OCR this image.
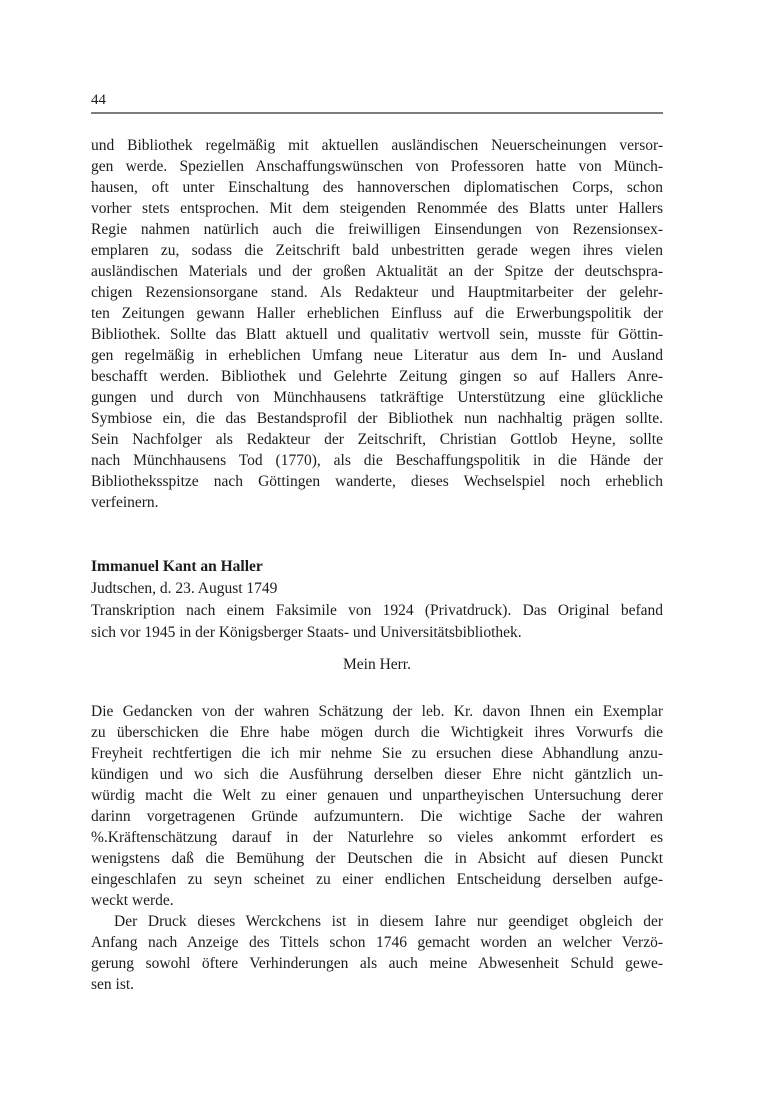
44
und Bibliothek regelmäßig mit aktuellen ausländischen Neuerscheinungen versor-
gen werde. Speziellen Anschaffungswünschen von Professoren hatte von Münch-
hausen, oft unter Einschaltung des hannoverschen diplomatischen Corps, schon
vorher stets entsprochen. Mit dem steigenden Renommée des Blatts unter Hallers
Regie nahmen natürlich auch die freiwilligen Einsendungen von Rezensionsex-
emplaren zu, sodass die Zeitschrift bald unbestritten gerade wegen ihres vielen
ausländischen Materials und der großen Aktualität an der Spitze der deutschspra-
chigen Rezensionsorgane stand. Als Redakteur und Hauptmitarbeiter der gelehr-
ten Zeitungen gewann Haller erheblichen Einfluss auf die Erwerbungspolitik der
Bibliothek. Sollte das Blatt aktuell und qualitativ wertvoll sein, musste für Göttin-
gen regelmäßig in erheblichen Umfang neue Literatur aus dem In- und Ausland
beschafft werden. Bibliothek und Gelehrte Zeitung gingen so auf Hallers Anre-
gungen und durch von Münchhausens tatkräftige Unterstützung eine glückliche
Symbiose ein, die das Bestandsprofil der Bibliothek nun nachhaltig prägen sollte.
Sein Nachfolger als Redakteur der Zeitschrift, Christian Gottlob Heyne, sollte
nach Münchhausens Tod (1770), als die Beschaffungspolitik in die Hände der
Bibliotheksspitze nach Göttingen wanderte, dieses Wechselspiel noch erheblich
verfeinern.
Immanuel Kant an Haller
Judtschen, d. 23. August 1749
Transkription nach einem Faksimile von 1924 (Privatdruck). Das Original befand
sich vor 1945 in der Königsberger Staats- und Universitätsbibliothek.
Mein Herr.
Die Gedancken von der wahren Schätzung der leb. Kr. davon Ihnen ein Exemplar
zu überschicken die Ehre habe mögen durch die Wichtigkeit ihres Vorwurfs die
Freyheit rechtfertigen die ich mir nehme Sie zu ersuchen diese Abhandlung anzu-
kündigen und wo sich die Ausführung derselben dieser Ehre nicht gäntzlich un-
würdig macht die Welt zu einer genauen und unpartheyischen Untersuchung derer
darinn vorgetragenen Gründe aufzumuntern. Die wichtige Sache der wahren
%.Kräftenschätzung darauf in der Naturlehre so vieles ankommt erfordert es
wenigstens daß die Bemühung der Deutschen die in Absicht auf diesen Punckt
eingeschlafen zu seyn scheinet zu einer endlichen Entscheidung derselben aufge-
weckt werde.
Der Druck dieses Werckchens ist in diesem Iahre nur geendiget obgleich der
Anfang nach Anzeige des Tittels schon 1746 gemacht worden an welcher Verzö-
gerung sowohl öftere Verhinderungen als auch meine Abwesenheit Schuld gewe-
sen ist.
